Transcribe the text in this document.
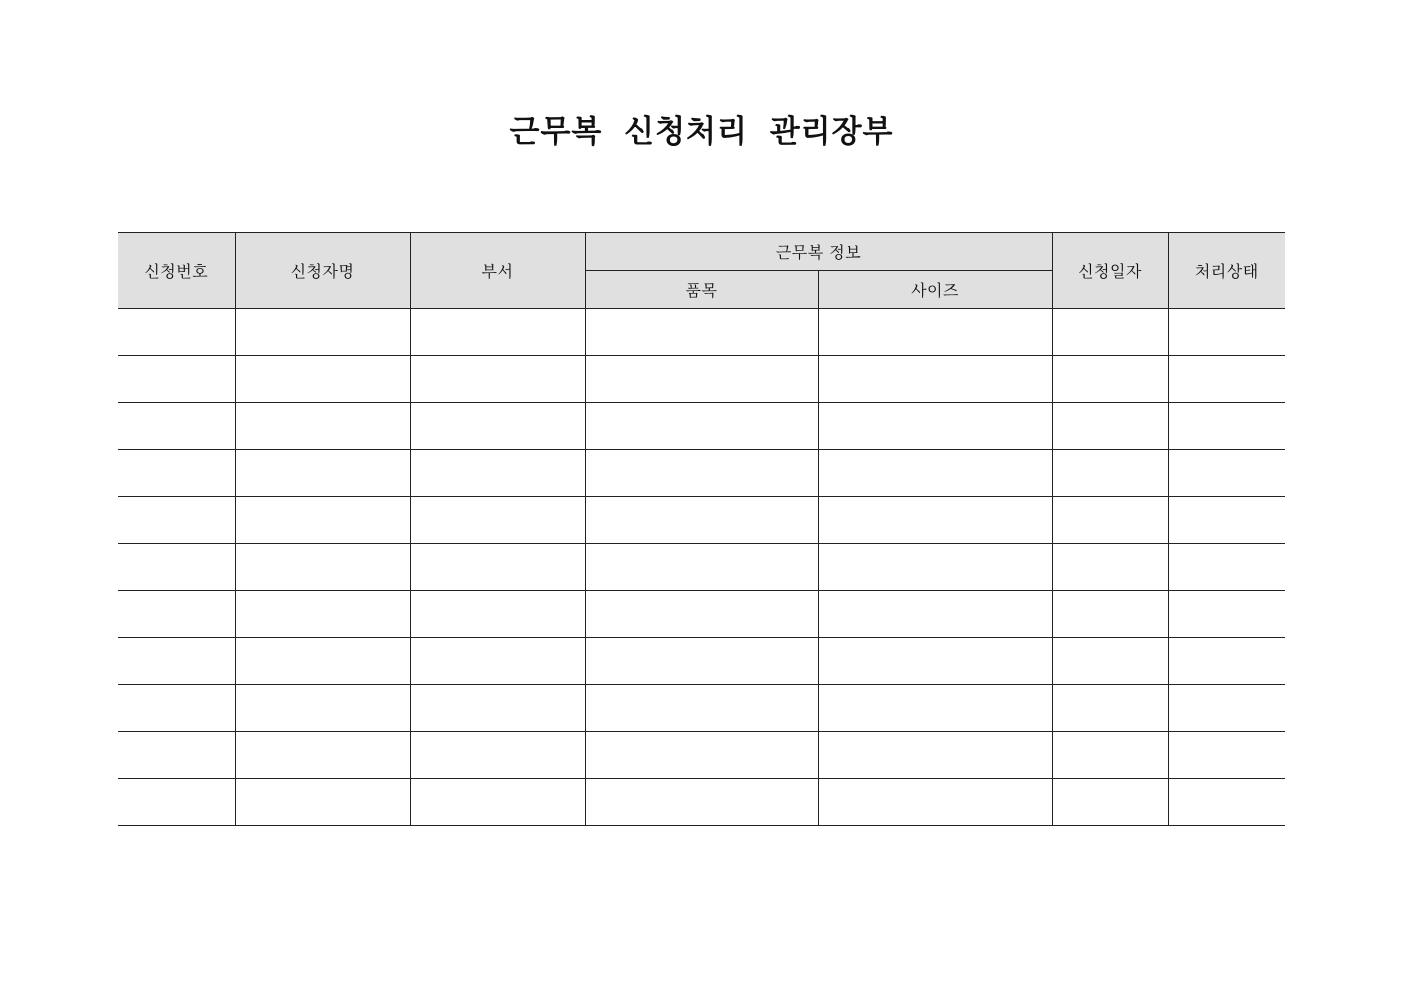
근무복 신청처리 관리장부
신청번호	신청자명	부서	근무복 정보		신청일자	처리상태
			품목	사이즈		
